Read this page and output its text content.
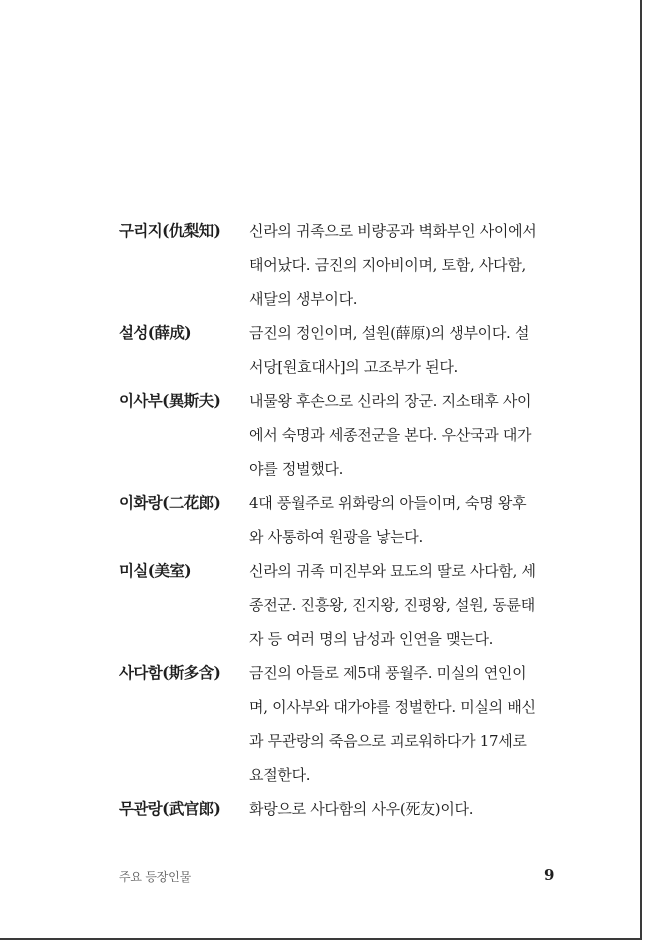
구리지(仇梨知)	신라의 귀족으로 비량공과 벽화부인 사이에서
태어났다. 금진의 지아비이며, 토함, 사다함,
새달의 생부이다.
설성(薛成)	금진의 정인이며, 설원(薛原)의 생부이다. 설
서당[원효대사]의 고조부가 된다.
이사부(異斯夫)	내물왕 후손으로 신라의 장군. 지소태후 사이
에서 숙명과 세종전군을 본다. 우산국과 대가
야를 정벌했다.
이화랑(二花郎)	4대 풍월주로 위화랑의 아들이며, 숙명 왕후
와 사통하여 원광을 낳는다.
미실(美室)	신라의 귀족 미진부와 묘도의 딸로 사다함, 세
종전군. 진흥왕, 진지왕, 진평왕, 설원, 동륜태
자 등 여러 명의 남성과 인연을 맺는다.
사다함(斯多含)	금진의 아들로 제5대 풍월주. 미실의 연인이
며, 이사부와 대가야를 정벌한다. 미실의 배신
과 무관랑의 죽음으로 괴로워하다가 17세로
요절한다.
무관랑(武官郎)	화랑으로 사다함의 사우(死友)이다.
주요 등장인물	9
